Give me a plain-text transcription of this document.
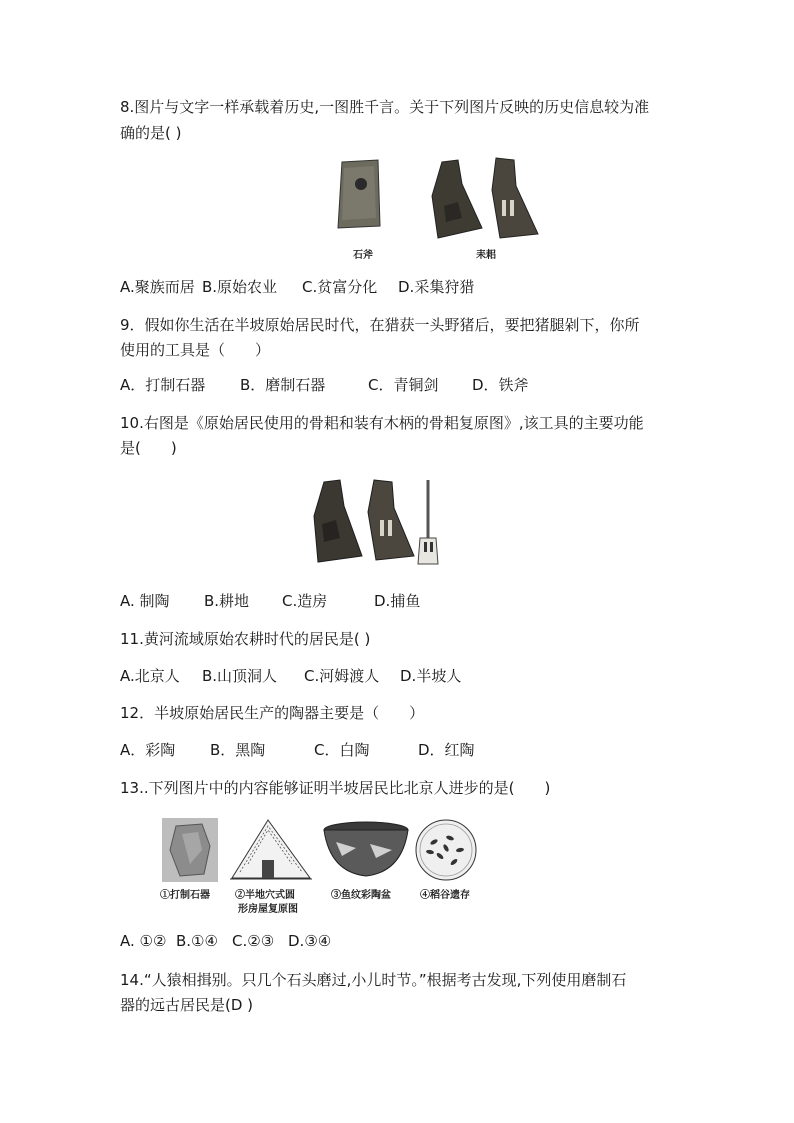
8.图片与文字一样承载着历史,一图胜千言。关于下列图片反映的历史信息较为准
确的是( )
石斧	耒耜
A.聚族而居 B.原始农业 C.贫富分化 D.采集狩猎
9．假如你生活在半坡原始居民时代，在猎获一头野猪后，要把猪腿剁下，你所
使用的工具是（　　）
A．打制石器 B．磨制石器	C．青铜剑 D．铁斧
10.右图是《原始居民使用的骨耜和装有木柄的骨耜复原图》,该工具的主要功能
是(　　)
A. 制陶 B.耕地 C.造房	D.捕鱼
11.黄河流域原始农耕时代的居民是( )
A.北京人 B.山顶洞人 C.河姆渡人 D.半坡人
12．半坡原始居民生产的陶器主要是（　　）
A．彩陶 B．黑陶	C．白陶	D．红陶
13..下列图片中的内容能够证明半坡居民比北京人进步的是(　　)
①打制石器	②半地穴式圆
形房屋复原图
③鱼纹彩陶盆	④稻谷遗存
A. ①② B.①④ C.②③ D.③④
14.“人猿相揖别。只几个石头磨过,小儿时节。”根据考古发现,下列使用磨制石
器的远古居民是(D )
